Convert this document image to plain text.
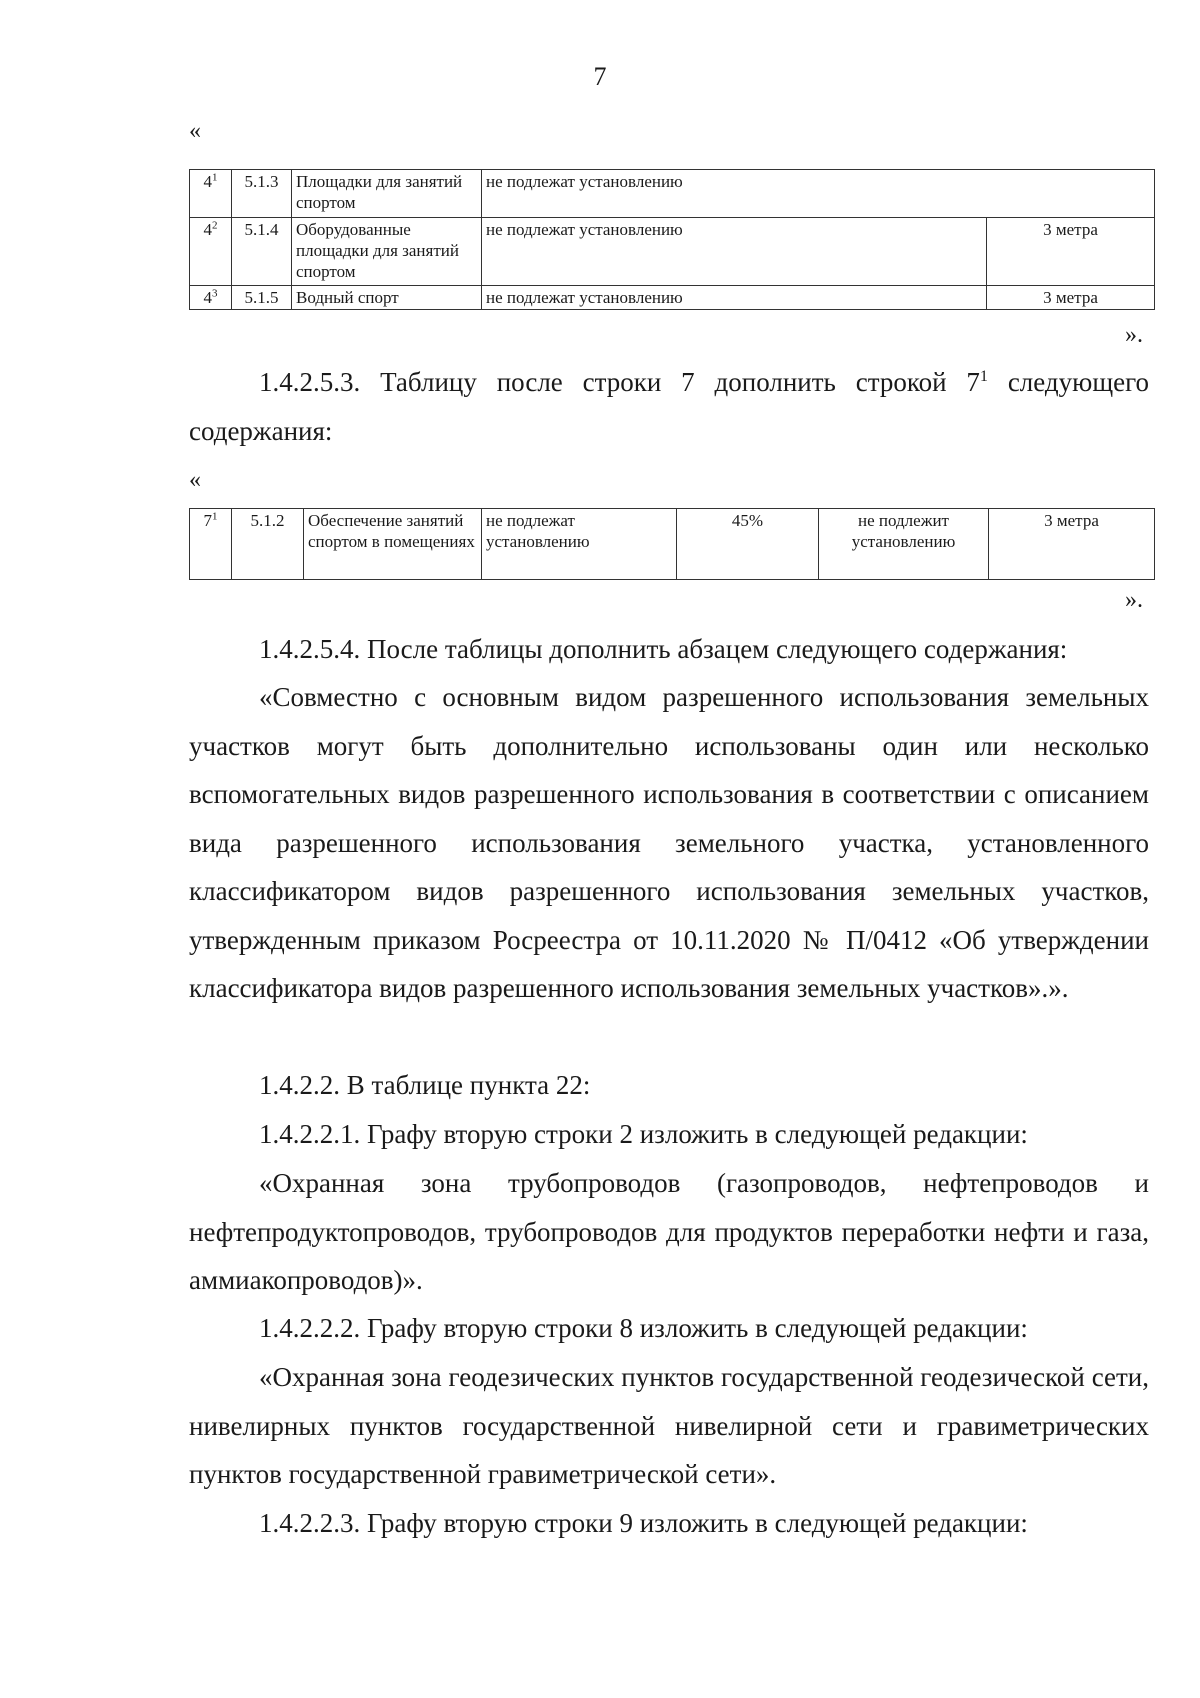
7
«
$4^1$	5.1.3	Площадки для занятий спортом	не подлежат установлению	
$4^2$	5.1.4	Оборудованные площадки для занятий спортом	не подлежат установлению	3 метра
$4^3$	5.1.5	Водный спорт	не подлежат установлению	3 метра
».

1.4.2.5.3. Таблицу после строки 7 дополнить строкой $7^1$ следующего содержания:

«
$7^1$	5.1.2	Обеспечение занятий спортом в помещениях	не подлежат установлению	45%	не подлежит установлению	3 метра
».

1.4.2.5.4. После таблицы дополнить абзацем следующего содержания:

«Совместно с основным видом разрешенного использования земельных участков могут быть дополнительно использованы один или несколько вспомогательных видов разрешенного использования в соответствии с описанием вида разрешенного использования земельного участка, установленного классификатором видов разрешенного использования земельных участков, утвержденным приказом Росреестра от 10.11.2020 № П/0412 «Об утверждении классификатора видов разрешенного использования земельных участков».».

1.4.2.2. В таблице пункта 22:

1.4.2.2.1. Графу вторую строки 2 изложить в следующей редакции:

«Охранная зона трубопроводов (газопроводов, нефтепроводов и нефтепродуктопроводов, трубопроводов для продуктов переработки нефти и газа, аммиакопроводов)».

1.4.2.2.2. Графу вторую строки 8 изложить в следующей редакции:

«Охранная зона геодезических пунктов государственной геодезической сети, нивелирных пунктов государственной нивелирной сети и гравиметрических пунктов государственной гравиметрической сети».

1.4.2.2.3. Графу вторую строки 9 изложить в следующей редакции:
